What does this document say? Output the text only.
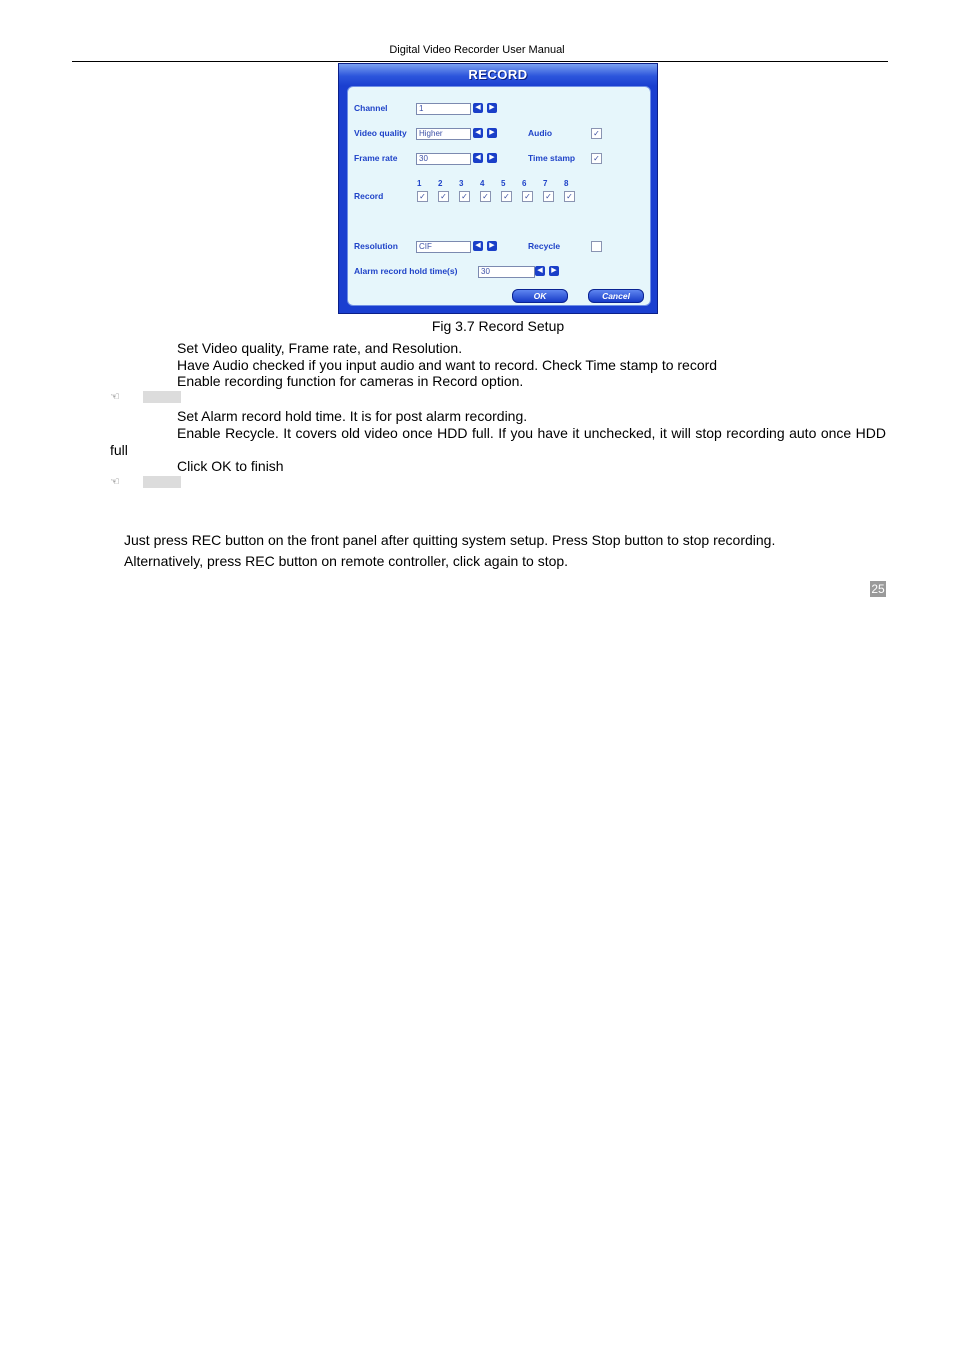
Digital Video Recorder User Manual
RECORD
Channel	1	◀	▶
Video quality	Higher	◀	▶	Audio	✓
Frame rate	30	◀	▶	Time stamp ✓
Record
1 2 3 4 5 6 7 8
✓ ✓ ✓ ✓ ✓ ✓ ✓ ✓
Resolution	CIF	◀	▶	Recycle
Alarm record hold time(s)	30	◀	▶
OK	Cancel
Fig 3.7 Record Setup
Set Video quality, Frame rate, and Resolution.
Have Audio checked if you input audio and want to record. Check Time stamp to record
Enable recording function for cameras in Record option.
☜
Set Alarm record hold time. It is for post alarm recording.
Enable Recycle. It covers old video once HDD full. If you have it unchecked, it will stop recording auto once HDD full
Click OK to finish
☜
Just press REC button on the front panel after quitting system setup. Press Stop button to stop recording.
Alternatively, press REC button on remote controller, click again to stop.
25
